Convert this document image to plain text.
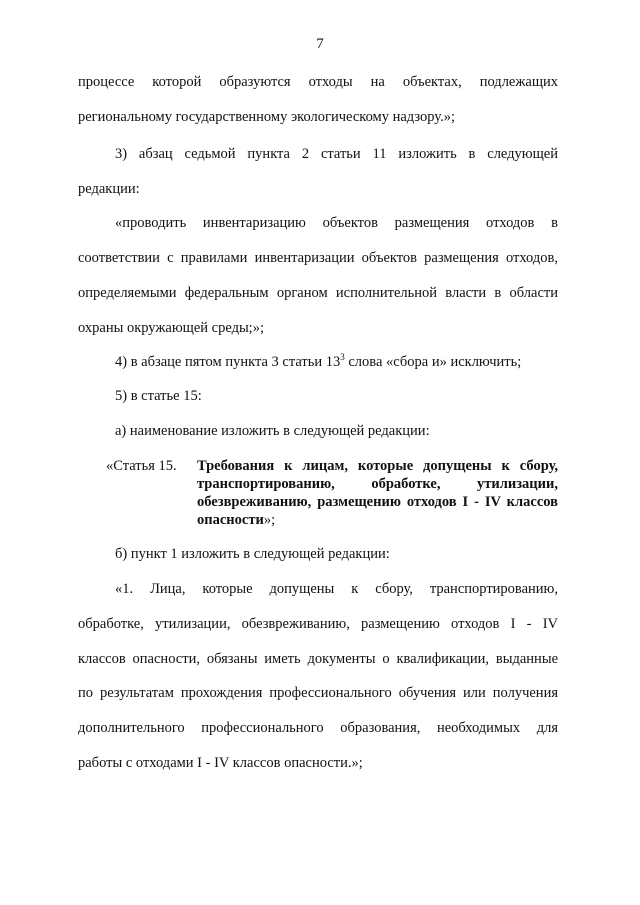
7
процессе которой образуются отходы на объектах, подлежащих
региональному государственному экологическому надзору.»;
3) абзац седьмой пункта 2 статьи 11 изложить в следующей
редакции:
«проводить инвентаризацию объектов размещения отходов в
соответствии с правилами инвентаризации объектов размещения отходов,
определяемыми федеральным органом исполнительной власти в области
охраны окружающей среды;»;
4) в абзаце пятом пункта 3 статьи $13^3$ слова «сбора и» исключить;
5) в статье 15:
а) наименование изложить в следующей редакции:
«Статья 15. Требования к лицам, которые допущены к сбору,
транспортированию, обработке, утилизации,
обезвреживанию, размещению отходов I - IV классов
опасности»;
б) пункт 1 изложить в следующей редакции:
«1. Лица, которые допущены к сбору, транспортированию,
обработке, утилизации, обезвреживанию, размещению отходов I - IV
классов опасности, обязаны иметь документы о квалификации, выданные
по результатам прохождения профессионального обучения или получения
дополнительного профессионального образования, необходимых для
работы с отходами I - IV классов опасности.»;
